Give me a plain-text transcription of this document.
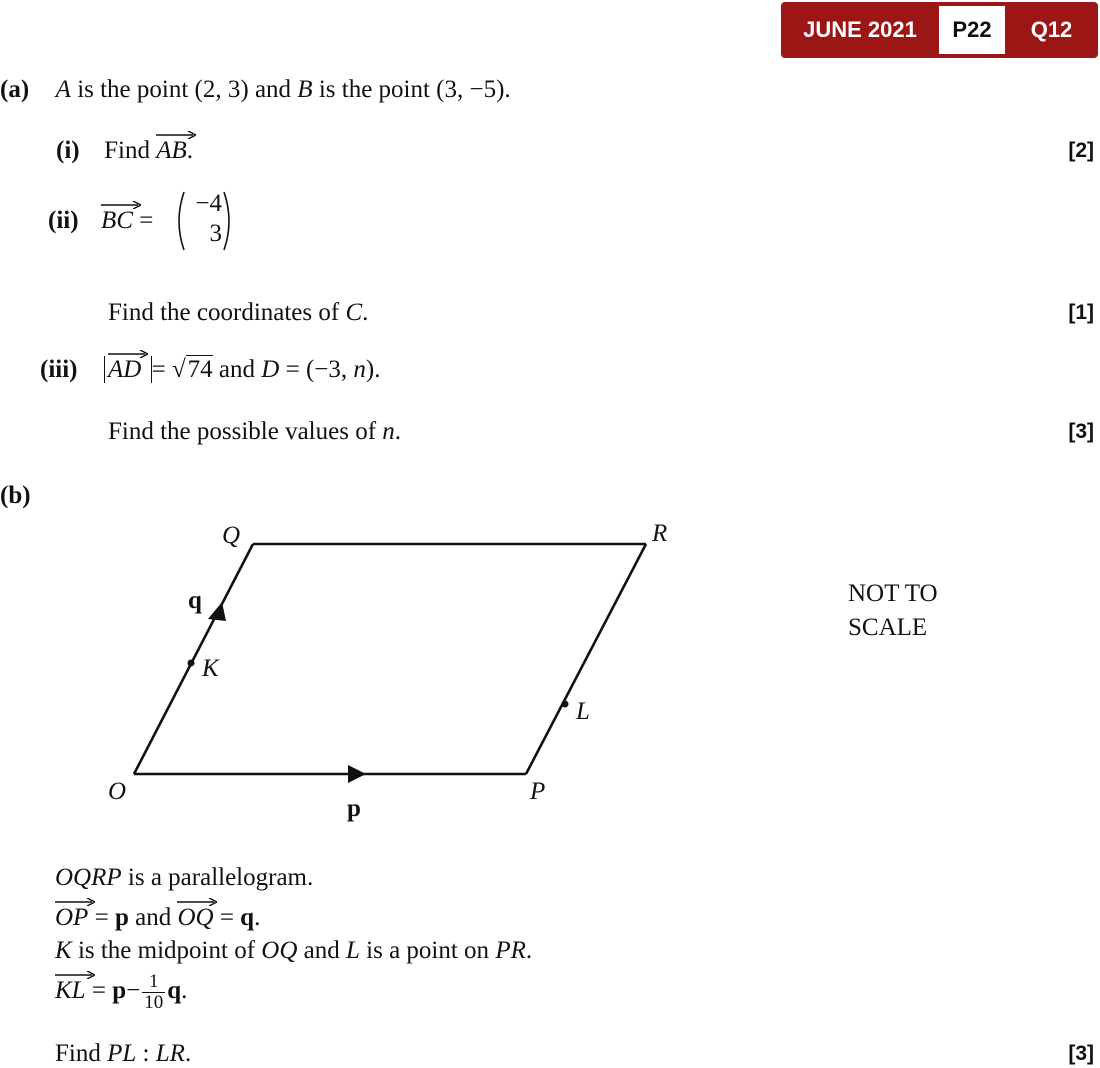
JUNE 2021	P22	Q12
(a) A is the point (2, 3) and B is the point (3, −5).
(i) Find
AB.	[2]
(ii) BC =
−4
3
Find the coordinates of C.	[1]
(iii) AD = √74 and D = (−3, n).
Find the possible values of n.	[3]
(b)
Q	R
O	P
K
L
q
p
NOT TO
SCALE
OQRP is a parallelogram.
OP = p and
OQ = q.
K is the midpoint of OQ and L is a point on PR.
KL = $p- \frac{1}{10} q$.
Find PL : LR.	[3]
